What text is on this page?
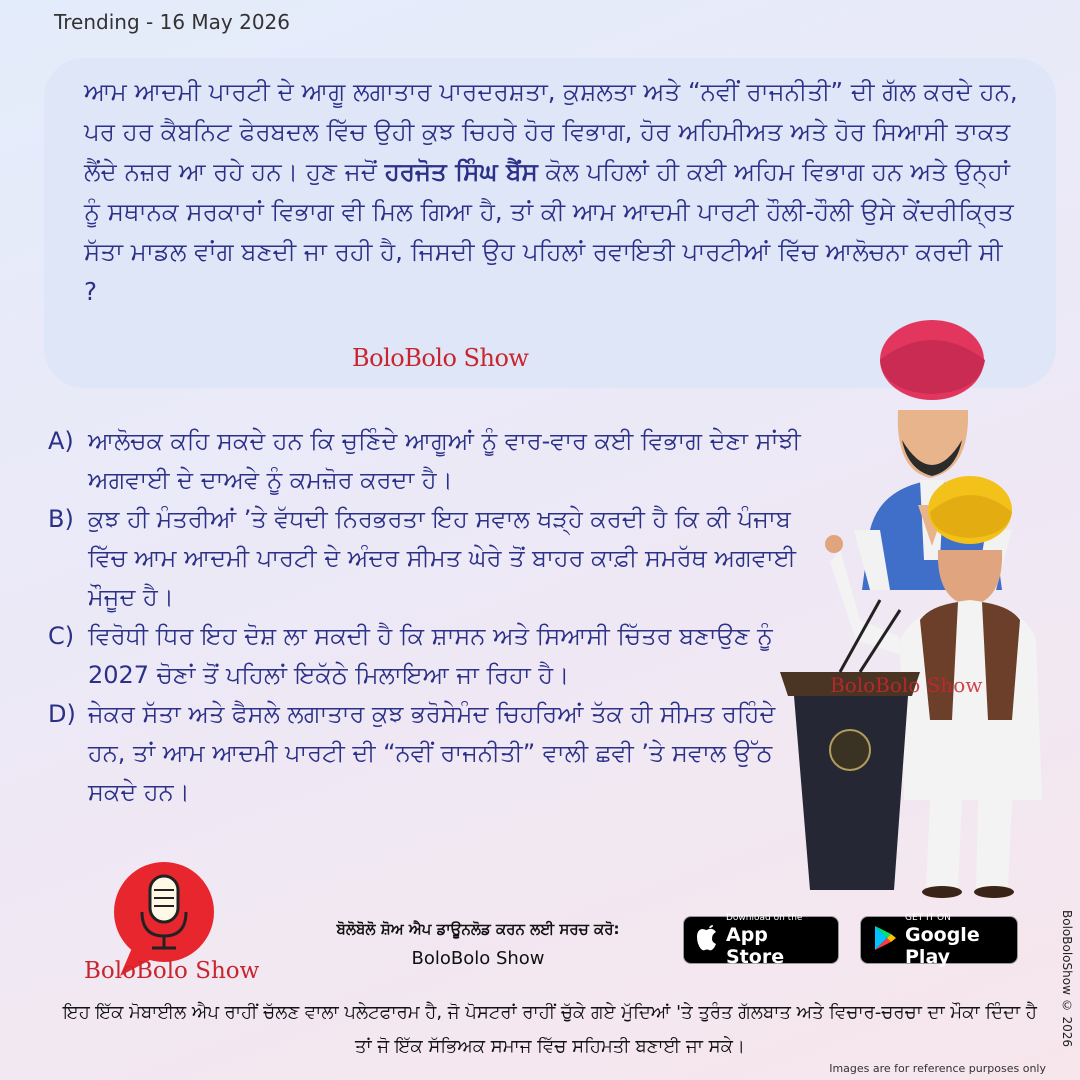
Trending - 16 May 2026

ਆਮ ਆਦਮੀ ਪਾਰਟੀ ਦੇ ਆਗੂ ਲਗਾਤਾਰ ਪਾਰਦਰਸ਼ਤਾ, ਕੁਸ਼ਲਤਾ ਅਤੇ “ਨਵੀਂ ਰਾਜਨੀਤੀ” ਦੀ ਗੱਲ ਕਰਦੇ ਹਨ, ਪਰ ਹਰ ਕੈਬਨਿਟ ਫੇਰਬਦਲ ਵਿੱਚ ਉਹੀ ਕੁਝ ਚਿਹਰੇ ਹੋਰ ਵਿਭਾਗ, ਹੋਰ ਅਹਿਮੀਅਤ ਅਤੇ ਹੋਰ ਸਿਆਸੀ ਤਾਕਤ ਲੈਂਦੇ ਨਜ਼ਰ ਆ ਰਹੇ ਹਨ। ਹੁਣ ਜਦੋਂ ਹਰਜੋਤ ਸਿੰਘ ਬੈਂਸ ਕੋਲ ਪਹਿਲਾਂ ਹੀ ਕਈ ਅਹਿਮ ਵਿਭਾਗ ਹਨ ਅਤੇ ਉਨ੍ਹਾਂ ਨੂੰ ਸਥਾਨਕ ਸਰਕਾਰਾਂ ਵਿਭਾਗ ਵੀ ਮਿਲ ਗਿਆ ਹੈ, ਤਾਂ ਕੀ ਆਮ ਆਦਮੀ ਪਾਰਟੀ ਹੌਲੀ-ਹੌਲੀ ਉਸੇ ਕੇਂਦਰੀਕ੍ਰਿਤ ਸੱਤਾ ਮਾਡਲ ਵਾਂਗ ਬਣਦੀ ਜਾ ਰਹੀ ਹੈ, ਜਿਸਦੀ ਉਹ ਪਹਿਲਾਂ ਰਵਾਇਤੀ ਪਾਰਟੀਆਂ ਵਿੱਚ ਆਲੋਚਨਾ ਕਰਦੀ ਸੀ ?

BoloBolo Show
A) ਆਲੋਚਕ ਕਹਿ ਸਕਦੇ ਹਨ ਕਿ ਚੁਣਿੰਦੇ ਆਗੂਆਂ ਨੂੰ ਵਾਰ-ਵਾਰ ਕਈ ਵਿਭਾਗ ਦੇਣਾ ਸਾਂਝੀ ਅਗਵਾਈ ਦੇ ਦਾਅਵੇ ਨੂੰ ਕਮਜ਼ੋਰ ਕਰਦਾ ਹੈ।
B) ਕੁਝ ਹੀ ਮੰਤਰੀਆਂ ’ਤੇ ਵੱਧਦੀ ਨਿਰਭਰਤਾ ਇਹ ਸਵਾਲ ਖੜ੍ਹੇ ਕਰਦੀ ਹੈ ਕਿ ਕੀ ਪੰਜਾਬ ਵਿੱਚ ਆਮ ਆਦਮੀ ਪਾਰਟੀ ਦੇ ਅੰਦਰ ਸੀਮਤ ਘੇਰੇ ਤੋਂ ਬਾਹਰ ਕਾਫ਼ੀ ਸਮਰੱਥ ਅਗਵਾਈ ਮੌਜੂਦ ਹੈ।
C) ਵਿਰੋਧੀ ਧਿਰ ਇਹ ਦੋਸ਼ ਲਾ ਸਕਦੀ ਹੈ ਕਿ ਸ਼ਾਸਨ ਅਤੇ ਸਿਆਸੀ ਚਿੱਤਰ ਬਣਾਉਣ ਨੂੰ 2027 ਚੋਣਾਂ ਤੋਂ ਪਹਿਲਾਂ ਇਕੱਠੇ ਮਿਲਾਇਆ ਜਾ ਰਿਹਾ ਹੈ।
D) ਜੇਕਰ ਸੱਤਾ ਅਤੇ ਫੈਸਲੇ ਲਗਾਤਾਰ ਕੁਝ ਭਰੋਸੇਮੰਦ ਚਿਹਰਿਆਂ ਤੱਕ ਹੀ ਸੀਮਤ ਰਹਿੰਦੇ ਹਨ, ਤਾਂ ਆਮ ਆਦਮੀ ਪਾਰਟੀ ਦੀ “ਨਵੀਂ ਰਾਜਨੀਤੀ” ਵਾਲੀ ਛਵੀ ’ਤੇ ਸਵਾਲ ਉੱਠ ਸਕਦੇ ਹਨ।
BoloBolo Show
BoloBolo Show
ਬੋਲੋਬੋਲੋ ਸ਼ੋਅ ਐਪ ਡਾਊਨਲੋਡ ਕਰਨ ਲਈ ਸਰਚ ਕਰੋ:
BoloBolo Show
Download on the
App Store
GET IT ON
Google Play
ਇਹ ਇੱਕ ਮੋਬਾਈਲ ਐਪ ਰਾਹੀਂ ਚੱਲਣ ਵਾਲਾ ਪਲੇਟਫਾਰਮ ਹੈ, ਜੋ ਪੋਸਟਰਾਂ ਰਾਹੀਂ ਚੁੱਕੇ ਗਏ ਮੁੱਦਿਆਂ 'ਤੇ ਤੁਰੰਤ ਗੱਲਬਾਤ ਅਤੇ ਵਿਚਾਰ-ਚਰਚਾ ਦਾ ਮੌਕਾ ਦਿੰਦਾ ਹੈ ਤਾਂ ਜੋ ਇੱਕ ਸੱਭਿਅਕ ਸਮਾਜ ਵਿੱਚ ਸਹਿਮਤੀ ਬਣਾਈ ਜਾ ਸਕੇ।
Images are for reference purposes only
BoloBoloShow © 2026
